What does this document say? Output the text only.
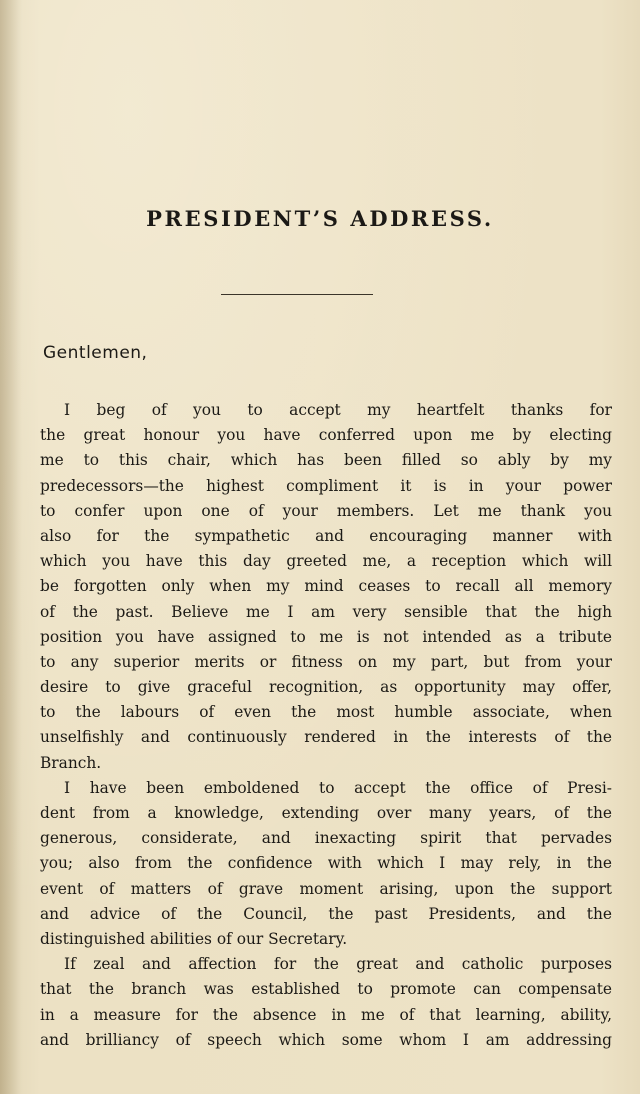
PRESIDENT’S ADDRESS.

Gentlemen,

I beg of you to accept my heartfelt thanks for
the great honour you have conferred upon me by electing
me to this chair, which has been filled so ably by my
predecessors—the highest compliment it is in your power
to confer upon one of your members. Let me thank you
also for the sympathetic and encouraging manner with
which you have this day greeted me, a reception which will
be forgotten only when my mind ceases to recall all memory
of the past. Believe me I am very sensible that the high
position you have assigned to me is not intended as a tribute
to any superior merits or fitness on my part, but from your
desire to give graceful recognition, as opportunity may offer,
to the labours of even the most humble associate, when
unselfishly and continuously rendered in the interests of the
Branch.
I have been emboldened to accept the office of Presi-
dent from a knowledge, extending over many years, of the
generous, considerate, and inexacting spirit that pervades
you; also from the confidence with which I may rely, in the
event of matters of grave moment arising, upon the support
and advice of the Council, the past Presidents, and the
distinguished abilities of our Secretary.
If zeal and affection for the great and catholic purposes
that the branch was established to promote can compensate
in a measure for the absence in me of that learning, ability,
and brilliancy of speech which some whom I am addressing
